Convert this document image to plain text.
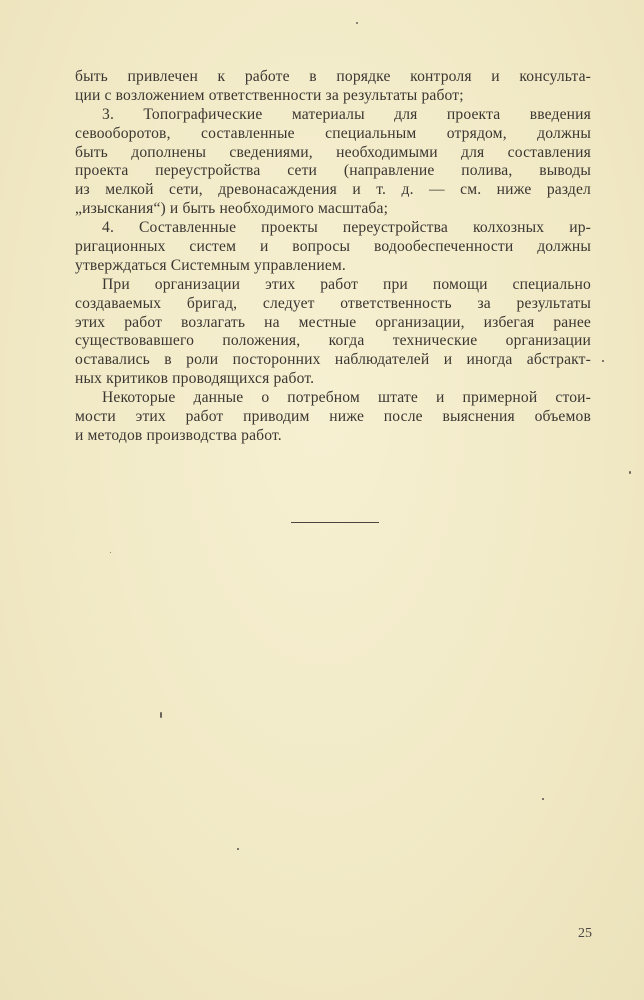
быть привлечен к работе в порядке контроля и консульта-
ции с возложением ответственности за результаты работ;
3. Топографические материалы для проекта введения
севооборотов, составленные специальным отрядом, должны
быть дополнены сведениями, необходимыми для составления
проекта переустройства сети (направление полива, выводы
из мелкой сети, древонасаждения и т. д. — см. ниже раздел
„изыскания“) и быть необходимого масштаба;
4. Составленные проекты переустройства колхозных ир-
ригационных систем и вопросы водообеспеченности должны
утверждаться Системным управлением.
При организации этих работ при помощи специально
создаваемых бригад, следует ответственность за результаты
этих работ возлагать на местные организации, избегая ранее
существовавшего положения, когда технические организации
оставались в роли посторонних наблюдателей и иногда абстракт-
ных критиков проводящихся работ.
Некоторые данные о потребном штате и примерной стои-
мости этих работ приводим ниже после выяснения объемов
и методов производства работ.
25
